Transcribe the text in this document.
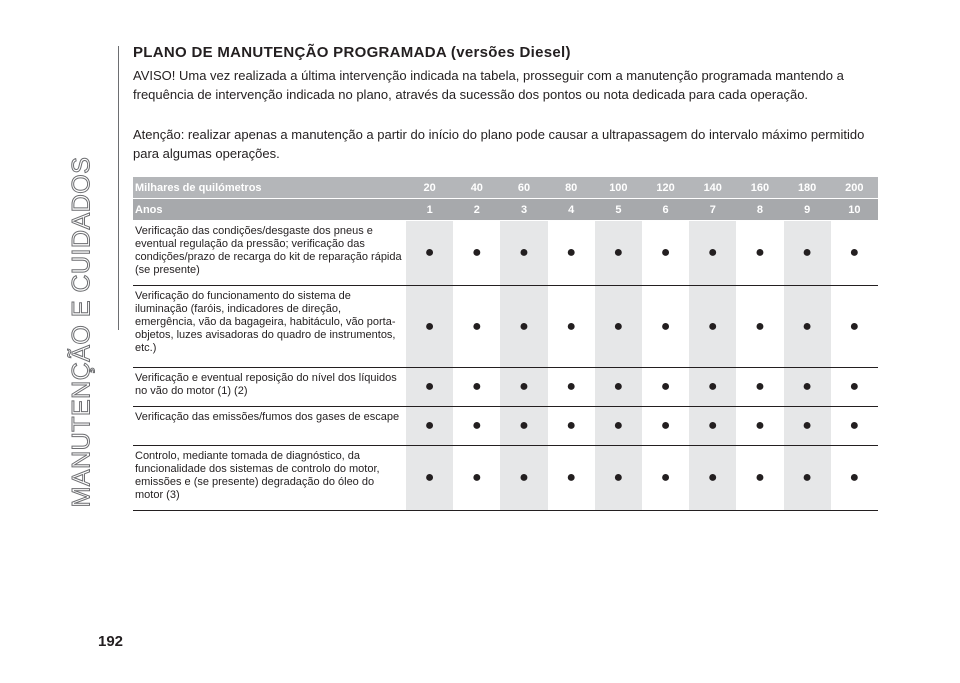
MANUTENÇÃO E CUIDADOS
192
PLANO DE MANUTENÇÃO PROGRAMADA (versões Diesel)
AVISO! Uma vez realizada a última intervenção indicada na tabela, prosseguir com a manutenção programada mantendo a frequência de intervenção indicada no plano, através da sucessão dos pontos ou nota dedicada para cada operação.
Atenção: realizar apenas a manutenção a partir do início do plano pode causar a ultrapassagem do intervalo máximo permitido para algumas operações.
Milhares de quilómetros	20	40	60	80	100	120	140	160	180	200
Anos	1	2	3	4	5	6	7	8	9	10
Verificação das condições/desgaste dos pneus e eventual regulação da pressão; verificação das condições/prazo de recarga do kit de reparação rápida (se presente)	●	●	●	●	●	●	●	●	●	●
Verificação do funcionamento do sistema de iluminação (faróis, indicadores de direção, emergência, vão da bagageira, habitáculo, vão porta-objetos, luzes avisadoras do quadro de instrumentos, etc.)	●	●	●	●	●	●	●	●	●	●
Verificação e eventual reposição do nível dos líquidos no vão do motor (1) (2)	●	●	●	●	●	●	●	●	●	●
Verificação das emissões/fumos dos gases de escape	●	●	●	●	●	●	●	●	●	●
Controlo, mediante tomada de diagnóstico, da funcionalidade dos sistemas de controlo do motor, emissões e (se presente) degradação do óleo do motor (3)	●	●	●	●	●	●	●	●	●	●
